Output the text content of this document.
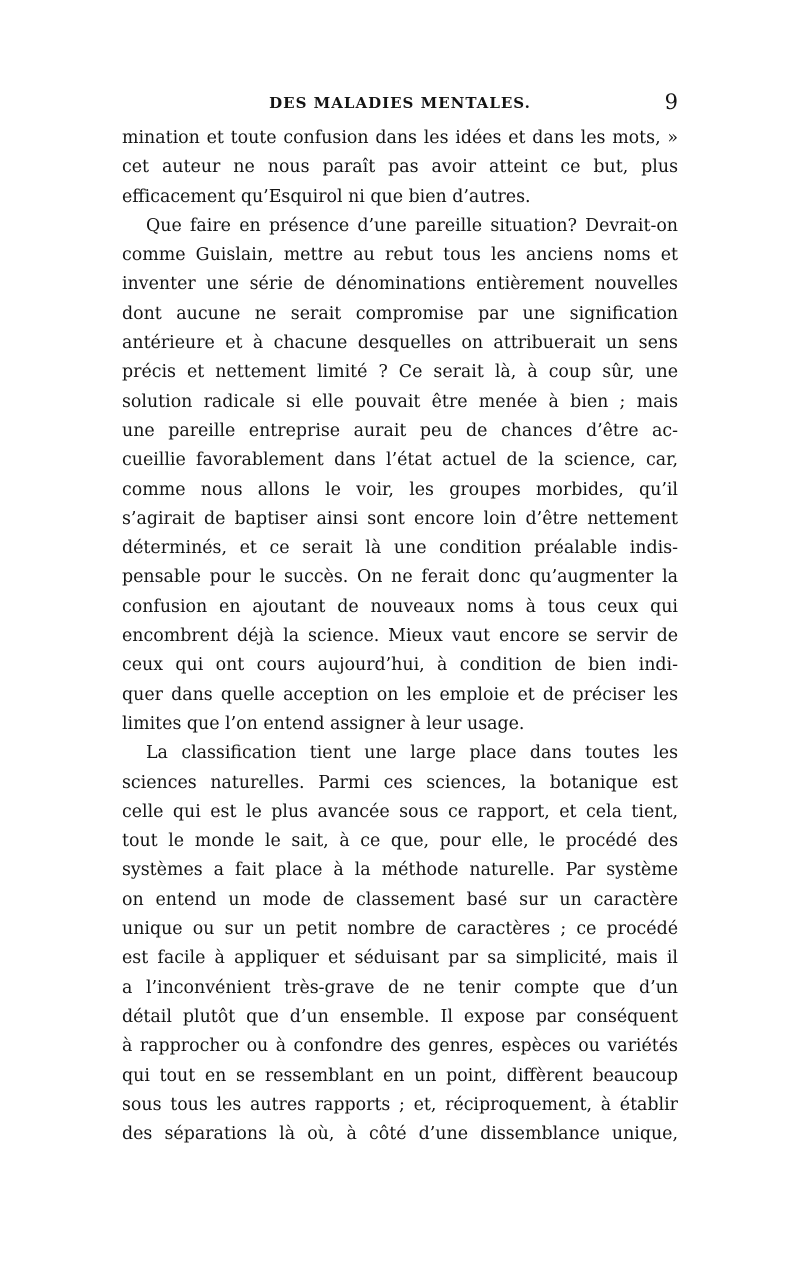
DES MALADIES MENTALES.	9
mination et toute confusion dans les idées et dans les mots, »
cet auteur ne nous paraît pas avoir atteint ce but, plus
efficacement qu’Esquirol ni que bien d’autres.
Que faire en présence d’une pareille situation? Devrait-on
comme Guislain, mettre au rebut tous les anciens noms et
inventer une série de dénominations entièrement nouvelles
dont aucune ne serait compromise par une signification
antérieure et à chacune desquelles on attribuerait un sens
précis et nettement limité ? Ce serait là, à coup sûr, une
solution radicale si elle pouvait être menée à bien ; mais
une pareille entreprise aurait peu de chances d’être ac-
cueillie favorablement dans l’état actuel de la science, car,
comme nous allons le voir, les groupes morbides, qu’il
s’agirait de baptiser ainsi sont encore loin d’être nettement
déterminés, et ce serait là une condition préalable indis-
pensable pour le succès. On ne ferait donc qu’augmenter la
confusion en ajoutant de nouveaux noms à tous ceux qui
encombrent déjà la science. Mieux vaut encore se servir de
ceux qui ont cours aujourd’hui, à condition de bien indi-
quer dans quelle acception on les emploie et de préciser les
limites que l’on entend assigner à leur usage.
La classification tient une large place dans toutes les
sciences naturelles. Parmi ces sciences, la botanique est
celle qui est le plus avancée sous ce rapport, et cela tient,
tout le monde le sait, à ce que, pour elle, le procédé des
systèmes a fait place à la méthode naturelle. Par système
on entend un mode de classement basé sur un caractère
unique ou sur un petit nombre de caractères ; ce procédé
est facile à appliquer et séduisant par sa simplicité, mais il
a l’inconvénient très-grave de ne tenir compte que d’un
détail plutôt que d’un ensemble. Il expose par conséquent
à rapprocher ou à confondre des genres, espèces ou variétés
qui tout en se ressemblant en un point, diffèrent beaucoup
sous tous les autres rapports ; et, réciproquement, à établir
des séparations là où, à côté d’une dissemblance unique,
